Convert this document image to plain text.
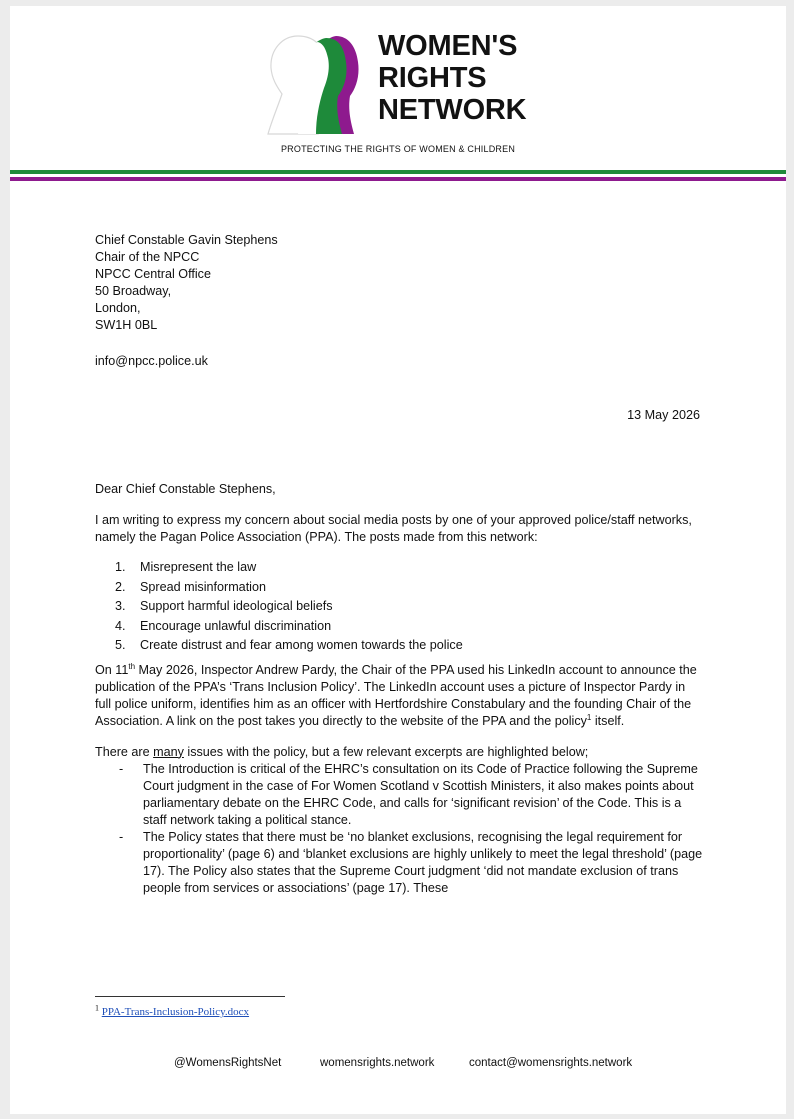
WOMEN'S
RIGHTS
NETWORK
PROTECTING THE RIGHTS OF WOMEN & CHILDREN
Chief Constable Gavin Stephens
Chair of the NPCC
NPCC Central Office
50 Broadway,
London,
SW1H 0BL
info@npcc.police.uk
13 May 2026

Dear Chief Constable Stephens,

I am writing to express my concern about social media posts by one of your approved police/staff networks, namely the Pagan Police Association (PPA). The posts made from this network:

1. Misrepresent the law
2. Spread misinformation
3. Support harmful ideological beliefs
4. Encourage unlawful discrimination
5. Create distrust and fear among women towards the police

On 11th May 2026, Inspector Andrew Pardy, the Chair of the PPA used his LinkedIn account to announce the publication of the PPA’s ‘Trans Inclusion Policy’. The LinkedIn account uses a picture of Inspector Pardy in full police uniform, identifies him as an officer with Hertfordshire Constabulary and the founding Chair of the Association. A link on the post takes you directly to the website of the PPA and the policy$^1$ itself.

There are many issues with the policy, but a few relevant excerpts are highlighted below;

- The Introduction is critical of the EHRC’s consultation on its Code of Practice following the Supreme Court judgment in the case of For Women Scotland v Scottish Ministers, it also makes points about parliamentary debate on the EHRC Code, and calls for ‘significant revision’ of the Code. This is a staff network taking a political stance.
- The Policy states that there must be ‘no blanket exclusions, recognising the legal requirement for proportionality’ (page 6) and ‘blanket exclusions are highly unlikely to meet the legal threshold’ (page 17). The Policy also states that the Supreme Court judgment ‘did not mandate exclusion of trans people from services or associations’ (page 17). These
$^1$ PPA-Trans-Inclusion-Policy.docx
@WomensRightsNet	womensrights.network	contact@womensrights.network
